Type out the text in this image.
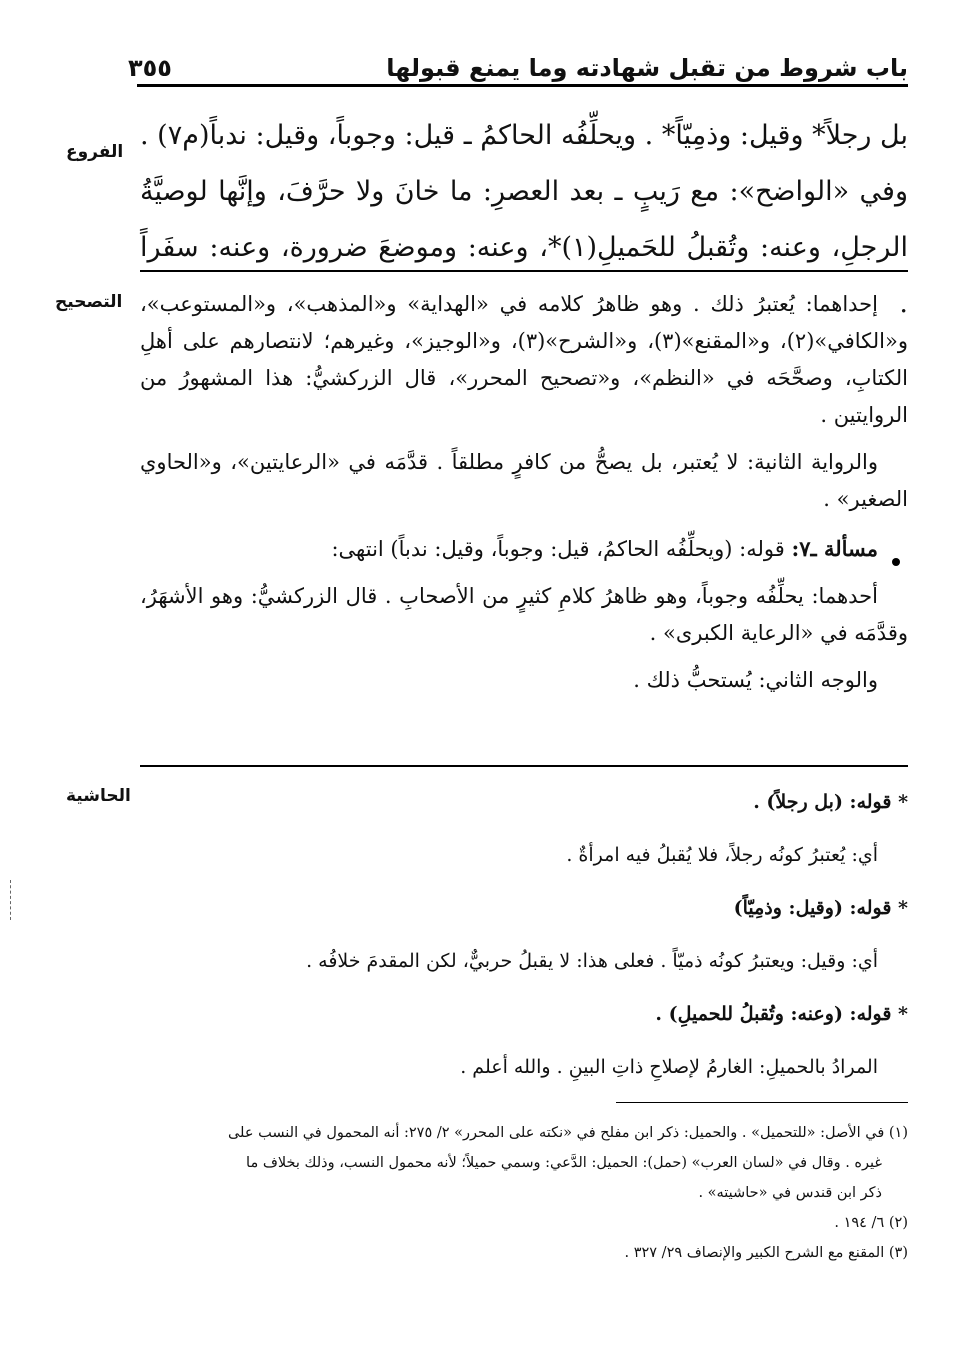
باب شروط من تقبل شهادته وما يمنع قبولها
٣٥٥
الفروع
التصحيح
الحاشية
بل رجلاً* وقيل: وذمِيّاً* . ويحلِّفُه الحاكمُ ـ قيل: وجوباً، وقيل: ندباً(م٧) . وفي «الواضح»: مع رَيبٍ ـ بعد العصرِ: ما خانَ ولا حرَّفَ، وإنَّها لوصيَّةُ الرجلِ، وعنه: وتُقبلُ للحَميلِ(١)*، وعنه: وموضعَ ضرورة، وعنه: سفَراً .

إحداهما: يُعتبرُ ذلك . وهو ظاهرُ كلامه في «الهداية» و«المذهب»، و«المستوعب»، و«الكافي»(٢)، و«المقنع»(٣)، و«الشرح»(٣)، و«الوجيز»، وغيرهم؛ لانتصارهم على أهلِ الكتابِ، وصحَّحَه في «النظم»، و«تصحيح المحرر»، قال الزركشيُّ: هذا المشهورُ من الروايتين .

والرواية الثانية: لا يُعتبر، بل يصحُّ من كافرٍ مطلقاً . قدَّمَه في «الرعايتين»، و«الحاوي الصغير» .

مسألة ـ٧: قوله: (ويحلِّفُه الحاكمُ، قيل: وجوباً، وقيل: ندباً) انتهى:

أحدهما: يحلِّفُه وجوباً، وهو ظاهرُ كلامِ كثيرٍ من الأصحابِ . قال الزركشيُّ: وهو الأشهَرُ، وقدَّمَه في «الرعاية الكبرى» .

والوجه الثاني: يُستحبُّ ذلك .

* قوله: (بل رجلاً) .

أي: يُعتبرُ كونُه رجلاً، فلا يُقبلُ فيه امرأةٌ .

* قوله: (وقيل: وذمِيّاً)

أي: وقيل: ويعتبرُ كونُه ذميّاً . فعلى هذا: لا يقبلُ حربيٌّ، لكن المقدمَ خلافُه .

* قوله: (وعنه: وتُقبلُ للحميلِ) .

المرادُ بالحميلِ: الغارمُ لإصلاحِ ذاتِ البينِ . والله أعلم .

(١) في الأصل: «للتحميل» . والحميل: ذكر ابن مفلح في «نكته على المحرر» ٢/ ٢٧٥: أنه المحمول في النسب على

غيره . وقال في «لسان العرب» (حمل): الحميل: الدَّعي: وسمي حميلاً؛ لأنه محمول النسب، وذلك بخلاف ما

ذكر ابن قندس في «حاشيته» .

(٢) ٦/ ١٩٤ .

(٣) المقنع مع الشرح الكبير والإنصاف ٢٩/ ٣٢٧ .
